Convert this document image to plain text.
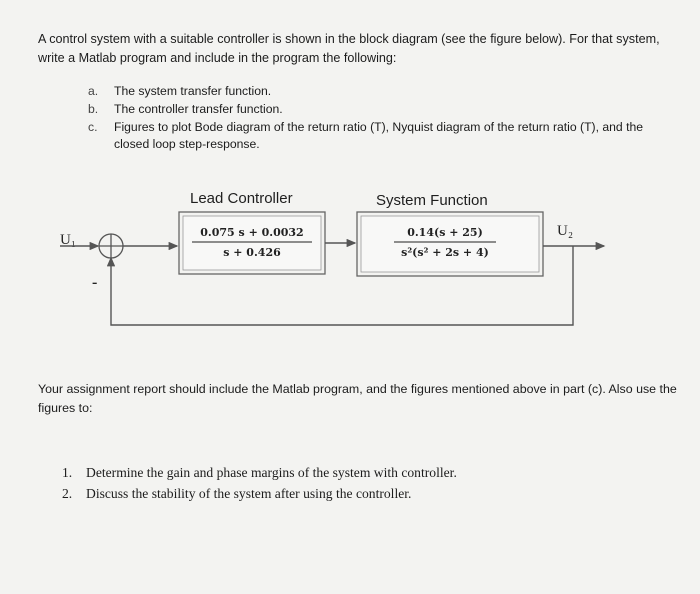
A control system with a suitable controller is shown in the block diagram (see the figure below). For that system, write a Matlab program and include in the program the following:

a. The system transfer function.
b. The controller transfer function.
c. Figures to plot Bode diagram of the return ratio (T), Nyquist diagram of the return ratio (T), and the closed loop step-response.
U₁
-
Lead Controller
0.075 s + 0.0032
s + 0.426
System Function
0.14(s + 25)
s²(s² + 2s + 4)
U₂

Your assignment report should include the Matlab program, and the figures mentioned above in part (c). Also use the figures to:

1. Determine the gain and phase margins of the system with controller.
2. Discuss the stability of the system after using the controller.
